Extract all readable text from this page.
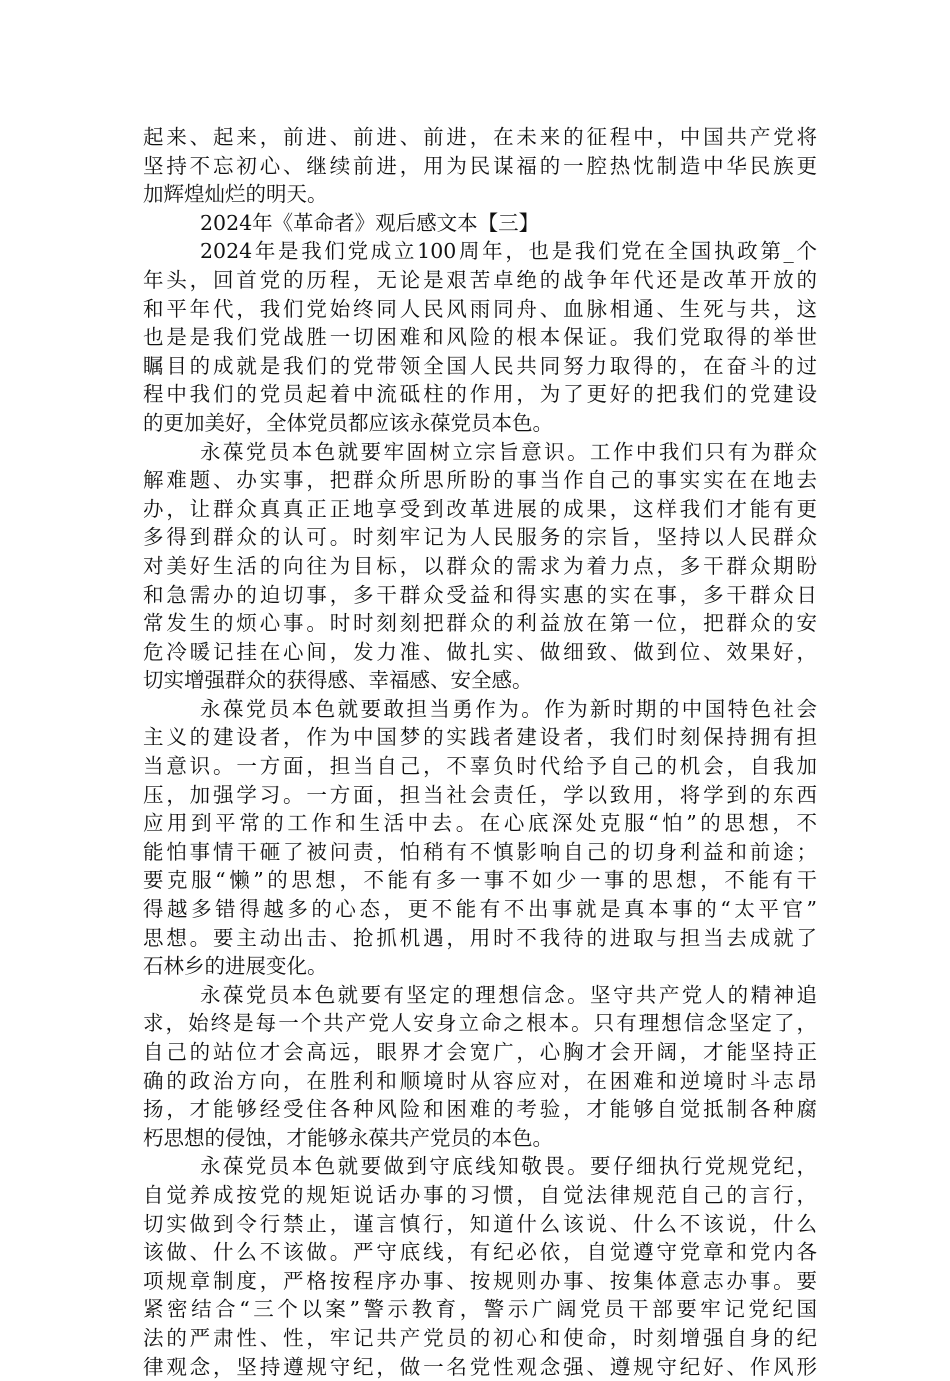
起来、起来，前进、前进、前进，在未来的征程中，中国共产党将
坚持不忘初心、继续前进，用为民谋福的一腔热忱制造中华民族更
加辉煌灿烂的明天。
2024年《革命者》观后感文本【三】
2024年是我们党成立100周年，也是我们党在全国执政第_个
年头，回首党的历程，无论是艰苦卓绝的战争年代还是改革开放的
和平年代，我们党始终同人民风雨同舟、血脉相通、生死与共，这
也是是我们党战胜一切困难和风险的根本保证。我们党取得的举世
瞩目的成就是我们的党带领全国人民共同努力取得的，在奋斗的过
程中我们的党员起着中流砥柱的作用，为了更好的把我们的党建设
的更加美好，全体党员都应该永葆党员本色。
永葆党员本色就要牢固树立宗旨意识。工作中我们只有为群众
解难题、办实事，把群众所思所盼的事当作自己的事实实在在地去
办，让群众真真正正地享受到改革进展的成果，这样我们才能有更
多得到群众的认可。时刻牢记为人民服务的宗旨，坚持以人民群众
对美好生活的向往为目标，以群众的需求为着力点，多干群众期盼
和急需办的迫切事，多干群众受益和得实惠的实在事，多干群众日
常发生的烦心事。时时刻刻把群众的利益放在第一位，把群众的安
危冷暖记挂在心间，发力准、做扎实、做细致、做到位、效果好，
切实增强群众的获得感、幸福感、安全感。
永葆党员本色就要敢担当勇作为。作为新时期的中国特色社会
主义的建设者，作为中国梦的实践者建设者，我们时刻保持拥有担
当意识。一方面，担当自己，不辜负时代给予自己的机会，自我加
压，加强学习。一方面，担当社会责任，学以致用，将学到的东西
应用到平常的工作和生活中去。在心底深处克服“怕”的思想，不
能怕事情干砸了被问责，怕稍有不慎影响自己的切身利益和前途；
要克服“懒”的思想，不能有多一事不如少一事的思想，不能有干
得越多错得越多的心态，更不能有不出事就是真本事的“太平官”
思想。要主动出击、抢抓机遇，用时不我待的进取与担当去成就了
石林乡的进展变化。
永葆党员本色就要有坚定的理想信念。坚守共产党人的精神追
求，始终是每一个共产党人安身立命之根本。只有理想信念坚定了，
自己的站位才会高远，眼界才会宽广，心胸才会开阔，才能坚持正
确的政治方向，在胜利和顺境时从容应对，在困难和逆境时斗志昂
扬，才能够经受住各种风险和困难的考验，才能够自觉抵制各种腐
朽思想的侵蚀，才能够永葆共产党员的本色。
永葆党员本色就要做到守底线知敬畏。要仔细执行党规党纪，
自觉养成按党的规矩说话办事的习惯，自觉法律规范自己的言行，
切实做到令行禁止，谨言慎行，知道什么该说、什么不该说，什么
该做、什么不该做。严守底线，有纪必依，自觉遵守党章和党内各
项规章制度，严格按程序办事、按规则办事、按集体意志办事。要
紧密结合“三个以案”警示教育，警示广阔党员干部要牢记党纪国
法的严肃性、性，牢记共产党员的初心和使命，时刻增强自身的纪
律观念，坚持遵规守纪，做一名党性观念强、遵规守纪好、作风形
